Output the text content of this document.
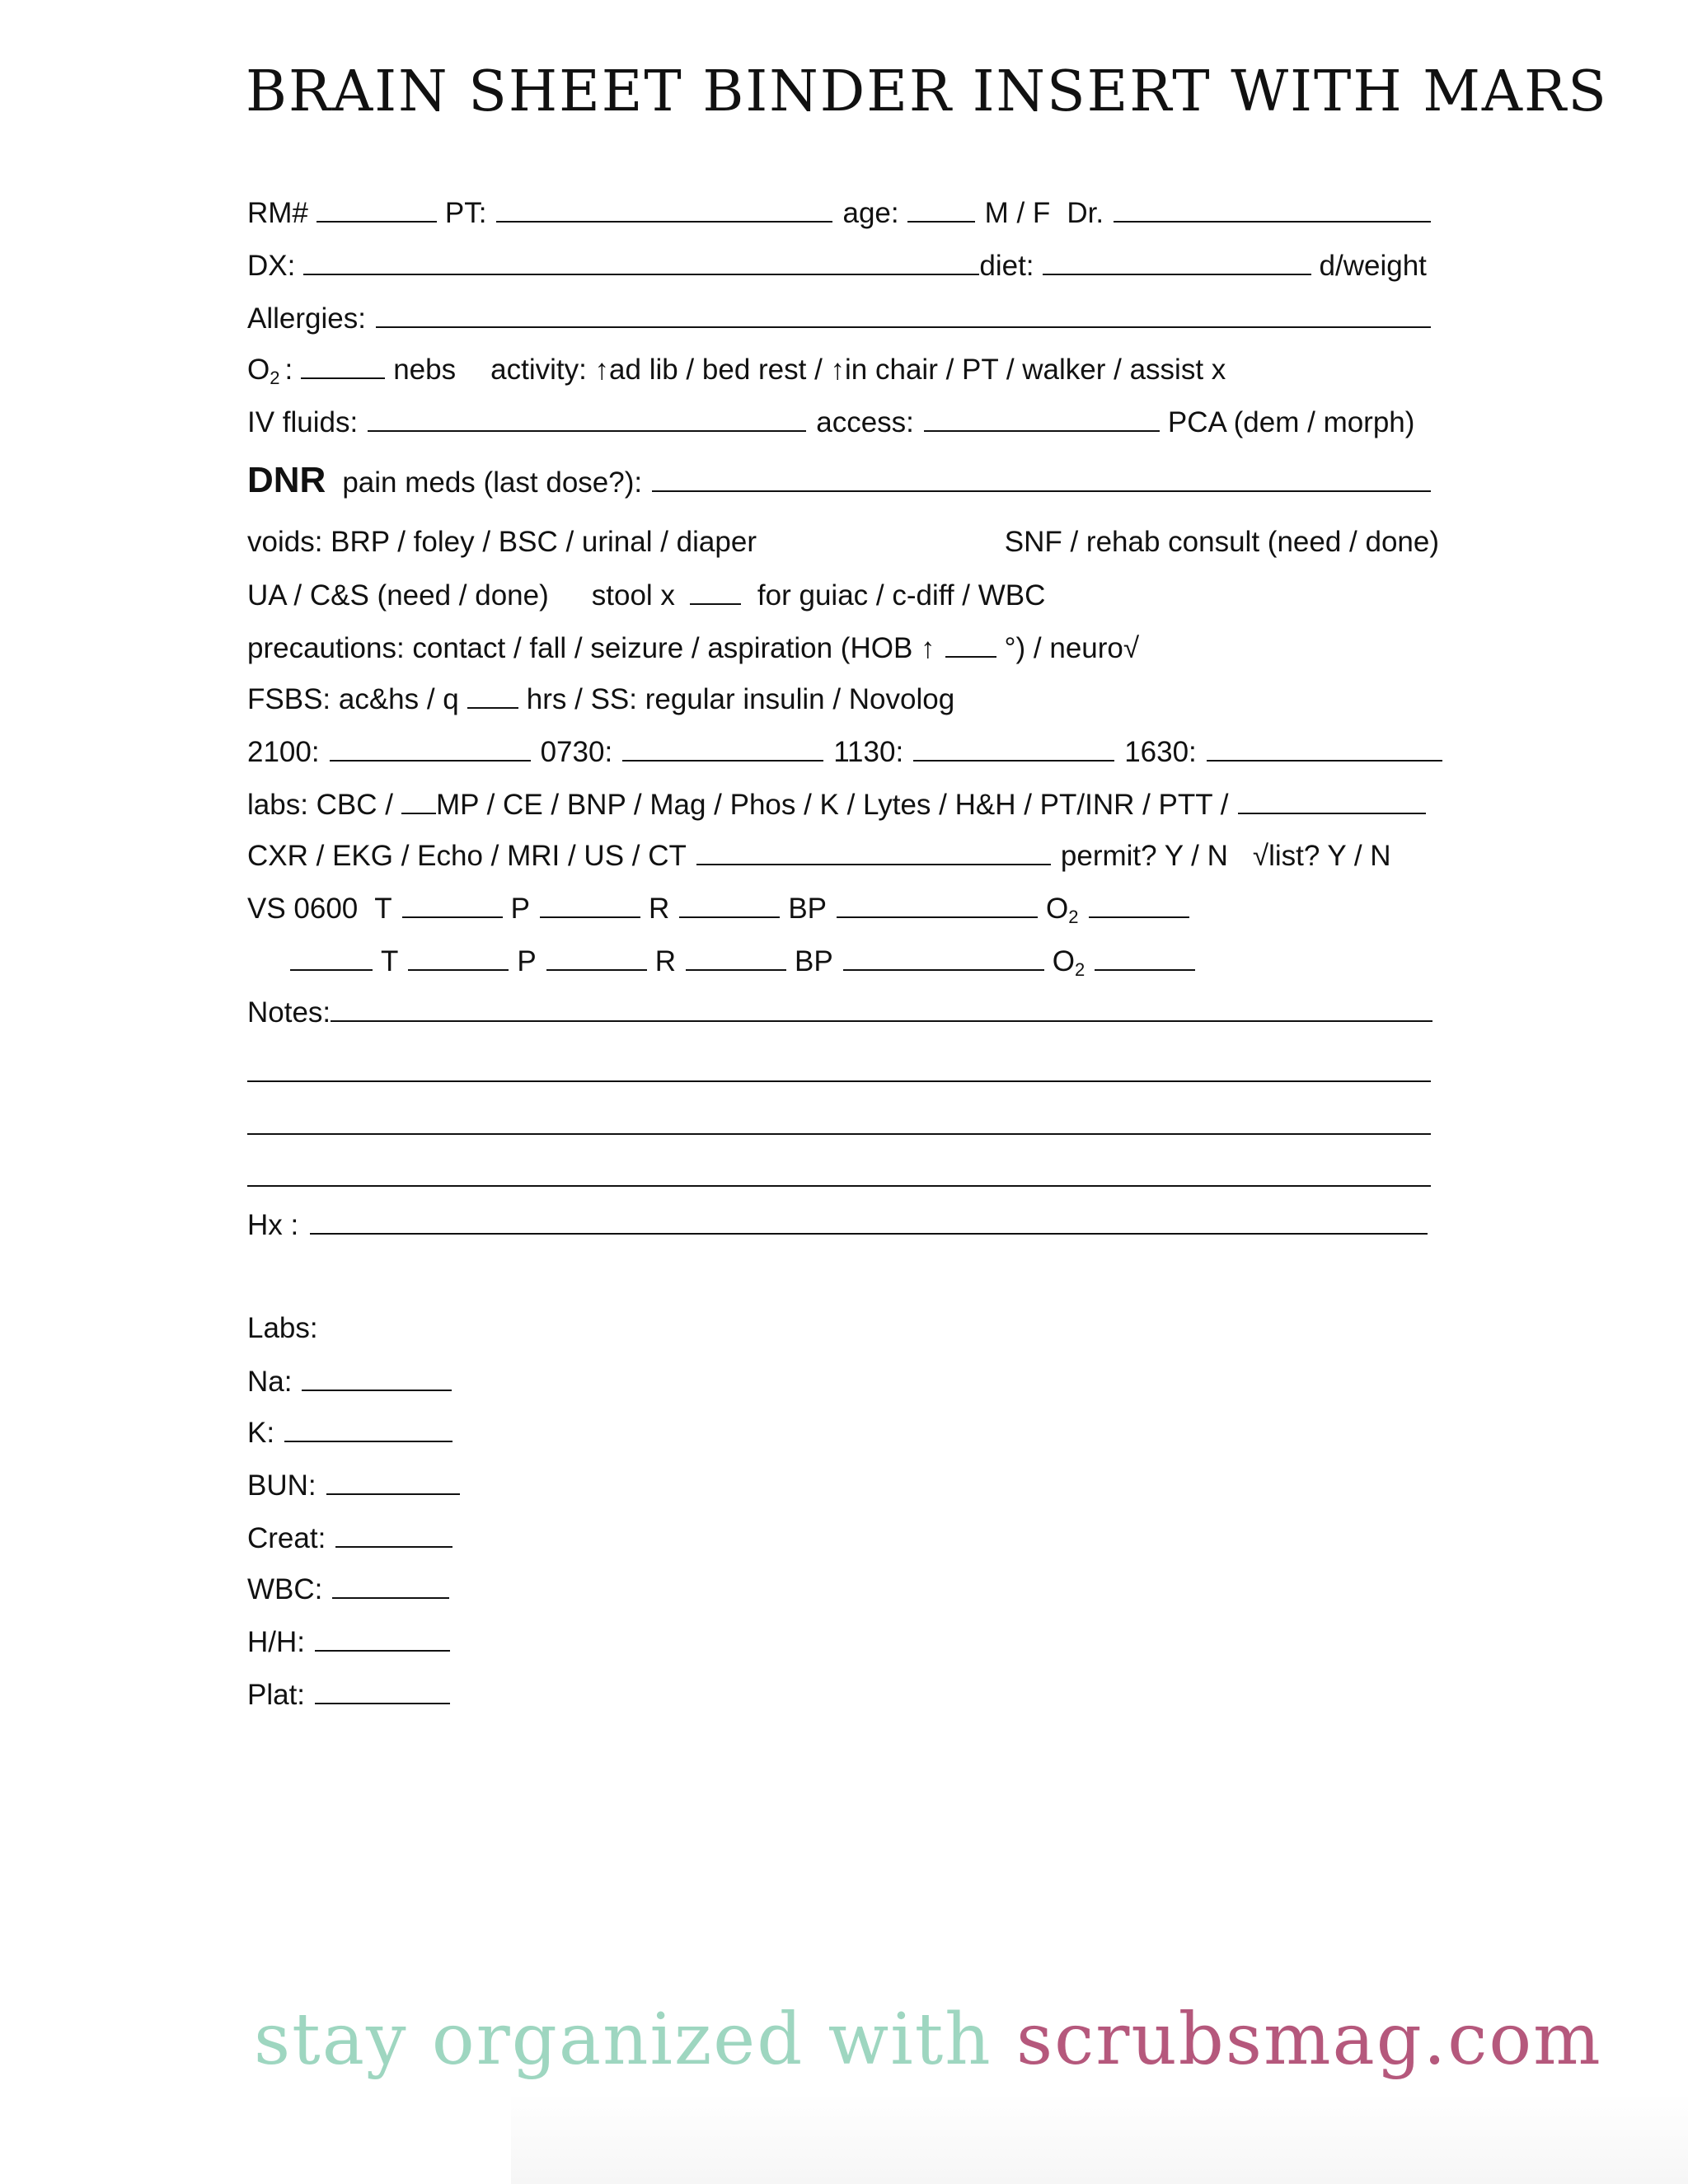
BRAIN SHEET BINDER INSERT WITH MARS
RM#	PT:	age:	M / F Dr.
DX:	diet:	d/weight
Allergies:
$O_2$ :	nebs activity: ↑ad lib / bed rest / ↑in chair / PT / walker / assist x
IV fluids:	access:	PCA (dem / morph)
DNR pain meds (last dose?):
voids: BRP / foley / BSC / urinal / diaper	SNF / rehab consult (need / done)
UA / C&S (need / done) stool x	for guiac / c-diff / WBC
precautions: contact / fall / seizure / aspiration (HOB ↑ °) / neuro√
FSBS: ac&hs / q hrs / SS: regular insulin / Novolog
2100:	0730:	1130:	1630:
labs: CBC / MP / CE / BNP / Mag / Phos / K / Lytes / H&H / PT/INR / PTT /
CXR / EKG / Echo / MRI / US / CT	permit? Y / N √list? Y / N
VS 0600 T	P	R	BP	$O_2$
T	P	R	BP	$O_2$
Notes:
Hx :
Labs:
Na:
K:
BUN:
Creat:
WBC:
H/H:
Plat:
stay organized with scrubsmag.com
